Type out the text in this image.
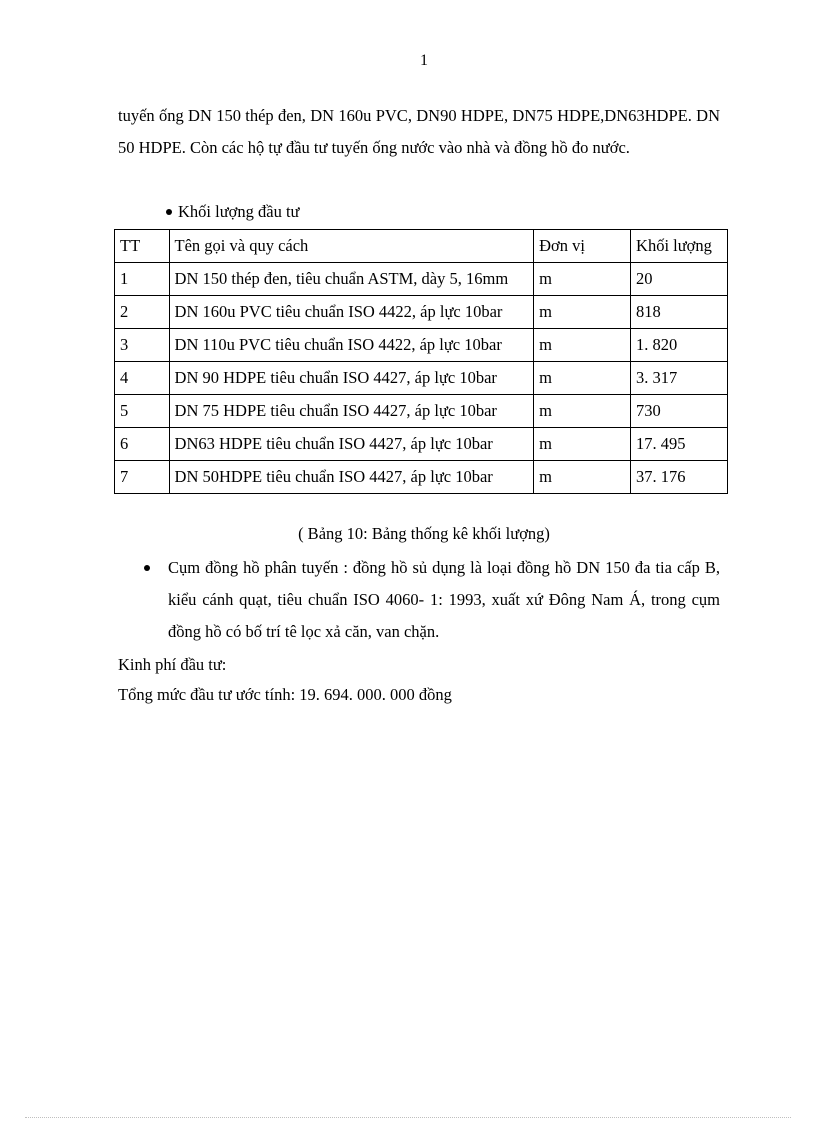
1
tuyến ống DN 150 thép đen, DN 160u PVC, DN90 HDPE, DN75 HDPE,DN63HDPE. DN 50 HDPE. Còn các hộ tự đầu tư tuyến ống nước vào nhà và đồng hồ đo nước.
Khối lượng đầu tư
TT	Tên gọi và quy cách	Đơn vị	Khối lượng
1	DN 150 thép đen, tiêu chuẩn ASTM, dày 5, 16mm	m	20
2	DN 160u PVC tiêu chuẩn ISO 4422, áp lực 10bar	m	818
3	DN 110u PVC tiêu chuẩn ISO 4422, áp lực 10bar	m	1. 820
4	DN 90 HDPE tiêu chuẩn ISO 4427, áp lực 10bar	m	3. 317
5	DN 75 HDPE tiêu chuẩn ISO 4427, áp lực 10bar	m	730
6	DN63 HDPE tiêu chuẩn ISO 4427, áp lực 10bar	m	17. 495
7	DN 50HDPE tiêu chuẩn ISO 4427, áp lực 10bar	m	37. 176
( Bảng 10: Bảng thống kê khối lượng)
Cụm đồng hồ phân tuyến : đồng hồ sủ dụng là loại đồng hồ DN 150 đa tia cấp B, kiểu cánh quạt, tiêu chuẩn ISO 4060- 1: 1993, xuất xứ Đông Nam Á, trong cụm đồng hồ có bố trí tê lọc xả căn, van chặn.
Kinh phí đầu tư:
Tổng mức đầu tư ước tính: 19. 694. 000. 000 đồng
